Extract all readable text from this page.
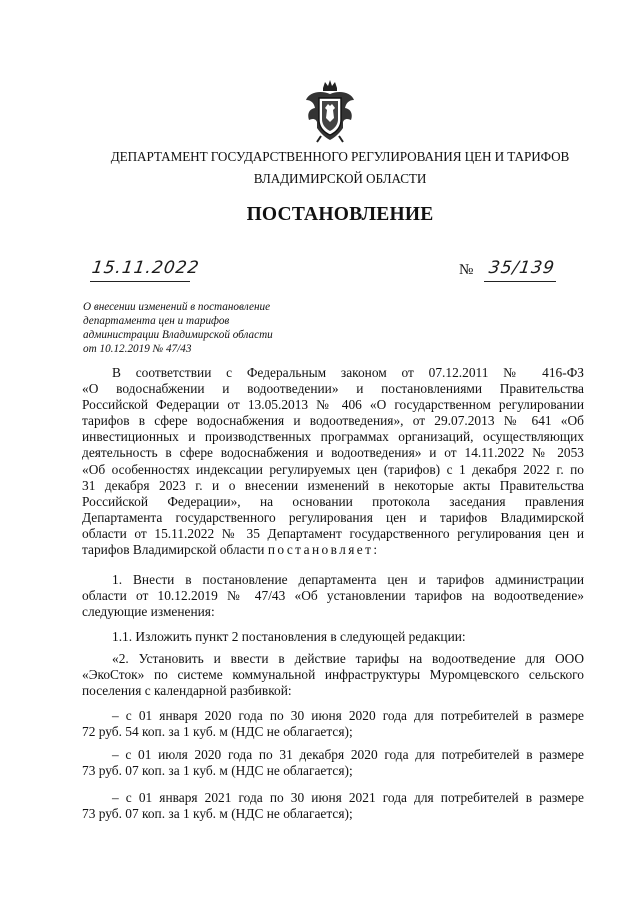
ДЕПАРТАМЕНТ ГОСУДАРСТВЕННОГО РЕГУЛИРОВАНИЯ ЦЕН И ТАРИФОВ
ВЛАДИМИРСКОЙ ОБЛАСТИ
ПОСТАНОВЛЕНИЕ
15.11.2022	№ 35/139
О внесении изменений в постановление
департамента цен и тарифов
администрации Владимирской области
от 10.12.2019 № 47/43
В соответствии с Федеральным законом от 07.12.2011 № 416-ФЗ
«О водоснабжении и водоотведении» и постановлениями Правительства
Российской Федерации от 13.05.2013 № 406 «О государственном регулировании
тарифов в сфере водоснабжения и водоотведения», от 29.07.2013 № 641 «Об
инвестиционных и производственных программах организаций, осуществляющих
деятельность в сфере водоснабжения и водоотведения» и от 14.11.2022 № 2053
«Об особенностях индексации регулируемых цен (тарифов) с 1 декабря 2022 г. по
31 декабря 2023 г. и о внесении изменений в некоторые акты Правительства
Российской Федерации», на основании протокола заседания правления
Департамента государственного регулирования цен и тарифов Владимирской
области от 15.11.2022 № 35 Департамент государственного регулирования цен и
тарифов Владимирской области постановляет:
1. Внести в постановление департамента цен и тарифов администрации
области от 10.12.2019 № 47/43 «Об установлении тарифов на водоотведение»
следующие изменения:
1.1. Изложить пункт 2 постановления в следующей редакции:
«2. Установить и ввести в действие тарифы на водоотведение для ООО
«ЭкоСток» по системе коммунальной инфраструктуры Муромцевского сельского
поселения с календарной разбивкой:
– с 01 января 2020 года по 30 июня 2020 года для потребителей в размере
72 руб. 54 коп. за 1 куб. м (НДС не облагается);
– с 01 июля 2020 года по 31 декабря 2020 года для потребителей в размере
73 руб. 07 коп. за 1 куб. м (НДС не облагается);
– с 01 января 2021 года по 30 июня 2021 года для потребителей в размере
73 руб. 07 коп. за 1 куб. м (НДС не облагается);
